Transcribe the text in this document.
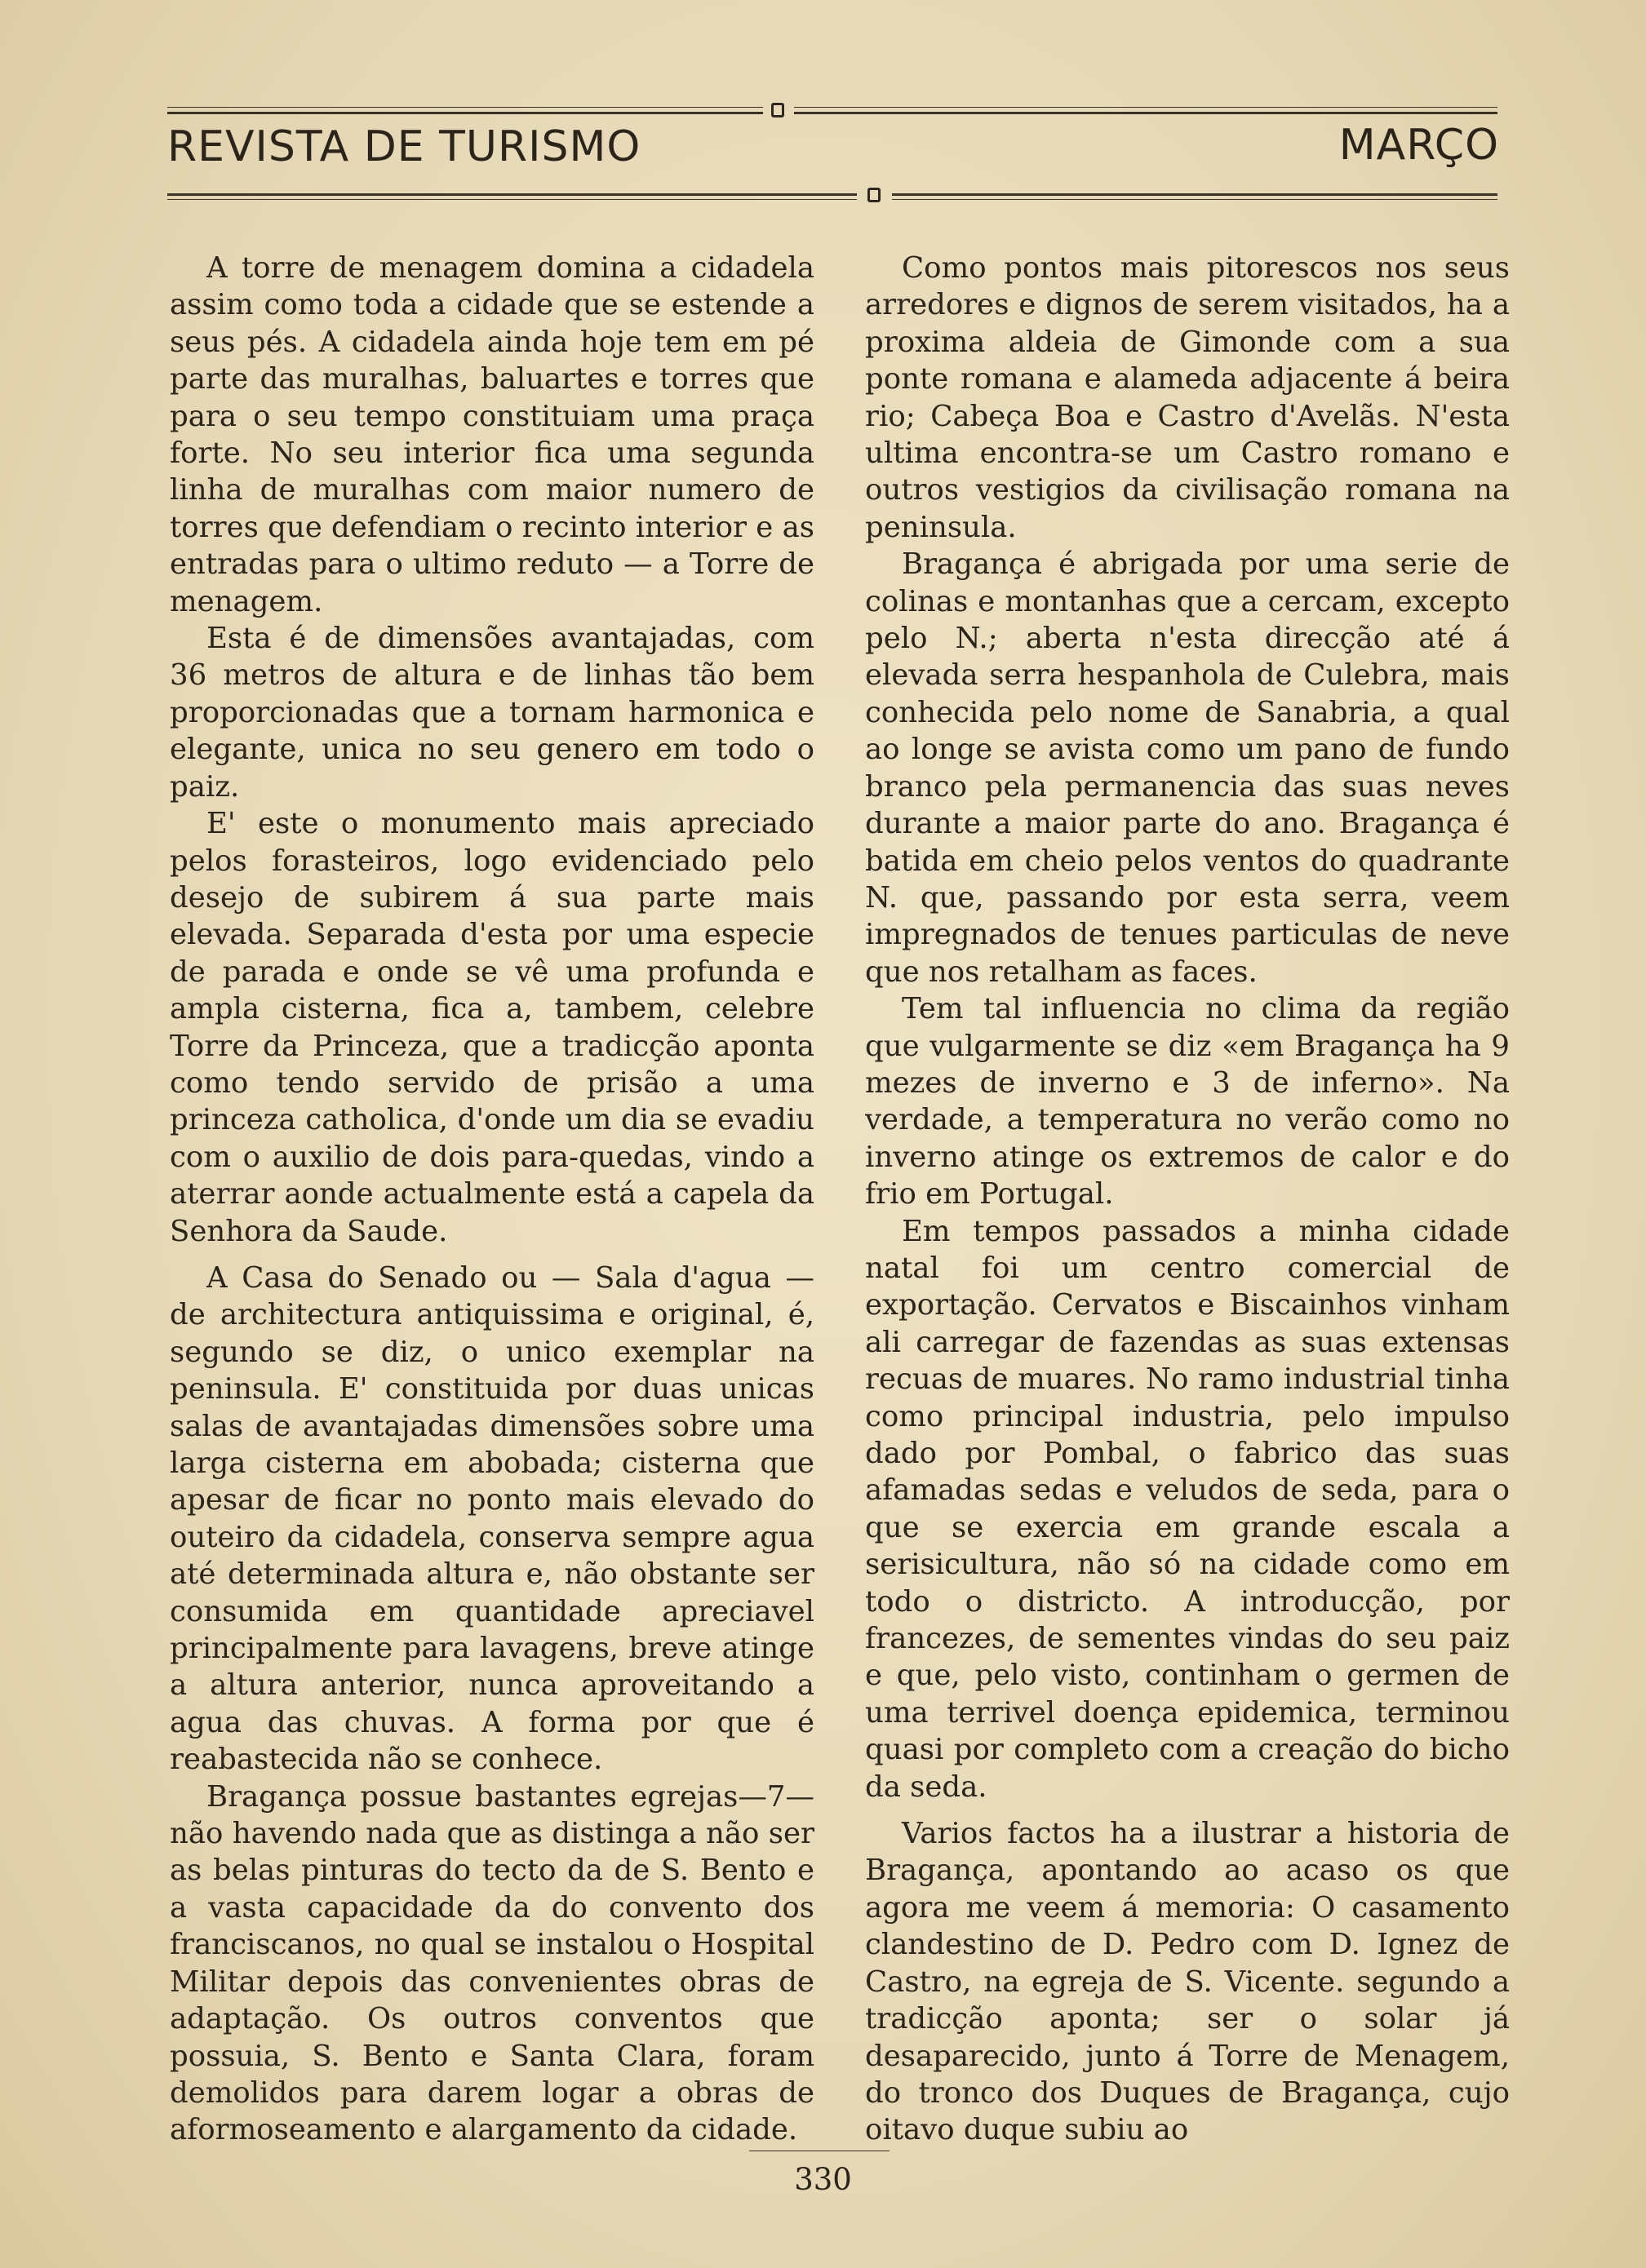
REVISTA DE TURISMO	MARÇO

A torre de menagem domina a cidadela assim como toda a cidade que se estende a seus pés. A cidadela ainda hoje tem em pé parte das muralhas, baluartes e torres que para o seu tempo constituiam uma praça forte. No seu interior fica uma segunda linha de muralhas com maior numero de torres que defendiam o recinto interior e as entradas para o ultimo reduto — a Torre de menagem.

Esta é de dimensões avantajadas, com 36 metros de altura e de linhas tão bem proporcionadas que a tornam harmonica e elegante, unica no seu genero em todo o paiz.

E' este o monumento mais apreciado pelos forasteiros, logo evidenciado pelo desejo de subirem á sua parte mais elevada. Separada d'esta por uma especie de parada e onde se vê uma profunda e ampla cisterna, fica a, tambem, celebre Torre da Princeza, que a tradicção aponta como tendo servido de prisão a uma princeza catholica, d'onde um dia se evadiu com o auxilio de dois para-quedas, vindo a aterrar aonde actualmente está a capela da Senhora da Saude.

A Casa do Senado ou — Sala d'agua — de architectura antiquissima e original, é, segundo se diz, o unico exemplar na peninsula. E' constituida por duas unicas salas de avantajadas dimensões sobre uma larga cisterna em abobada; cisterna que apesar de ficar no ponto mais elevado do outeiro da cidadela, conserva sempre agua até determinada altura e, não obstante ser consumida em quantidade apreciavel principalmente para lavagens, breve atinge a altura anterior, nunca aproveitando a agua das chuvas. A forma por que é reabastecida não se conhece.

Bragança possue bastantes egrejas—7— não havendo nada que as distinga a não ser as belas pinturas do tecto da de S. Bento e a vasta capacidade da do convento dos franciscanos, no qual se instalou o Hospital Militar depois das convenientes obras de adaptação. Os outros conventos que possuia, S. Bento e Santa Clara, foram demolidos para darem logar a obras de aformoseamento e alargamento da cidade.

Como pontos mais pitorescos nos seus arredores e dignos de serem visitados, ha a proxima aldeia de Gimonde com a sua ponte romana e alameda adjacente á beira rio; Cabeça Boa e Castro d'Avelãs. N'esta ultima encontra-se um Castro romano e outros vestigios da civilisação romana na peninsula.

Bragança é abrigada por uma serie de colinas e montanhas que a cercam, excepto pelo N.; aberta n'esta direcção até á elevada serra hespanhola de Culebra, mais conhecida pelo nome de Sanabria, a qual ao longe se avista como um pano de fundo branco pela permanencia das suas neves durante a maior parte do ano. Bragança é batida em cheio pelos ventos do quadrante N. que, passando por esta serra, veem impregnados de tenues particulas de neve que nos retalham as faces.

Tem tal influencia no clima da região que vulgarmente se diz «em Bragança ha 9 mezes de inverno e 3 de inferno». Na verdade, a temperatura no verão como no inverno atinge os extremos de calor e do frio em Portugal.

Em tempos passados a minha cidade natal foi um centro comercial de exportação. Cervatos e Biscainhos vinham ali carregar de fazendas as suas extensas recuas de muares. No ramo industrial tinha como principal industria, pelo impulso dado por Pombal, o fabrico das suas afamadas sedas e veludos de seda, para o que se exercia em grande escala a serisicultura, não só na cidade como em todo o districto. A introducção, por francezes, de sementes vindas do seu paiz e que, pelo visto, continham o germen de uma terrivel doença epidemica, terminou quasi por completo com a creação do bicho da seda.

Varios factos ha a ilustrar a historia de Bragança, apontando ao acaso os que agora me veem á memoria: O casamento clandestino de D. Pedro com D. Ignez de Castro, na egreja de S. Vicente. segundo a tradicção aponta; ser o solar já desaparecido, junto á Torre de Menagem, do tronco dos Duques de Bragança, cujo oitavo duque subiu ao

330
